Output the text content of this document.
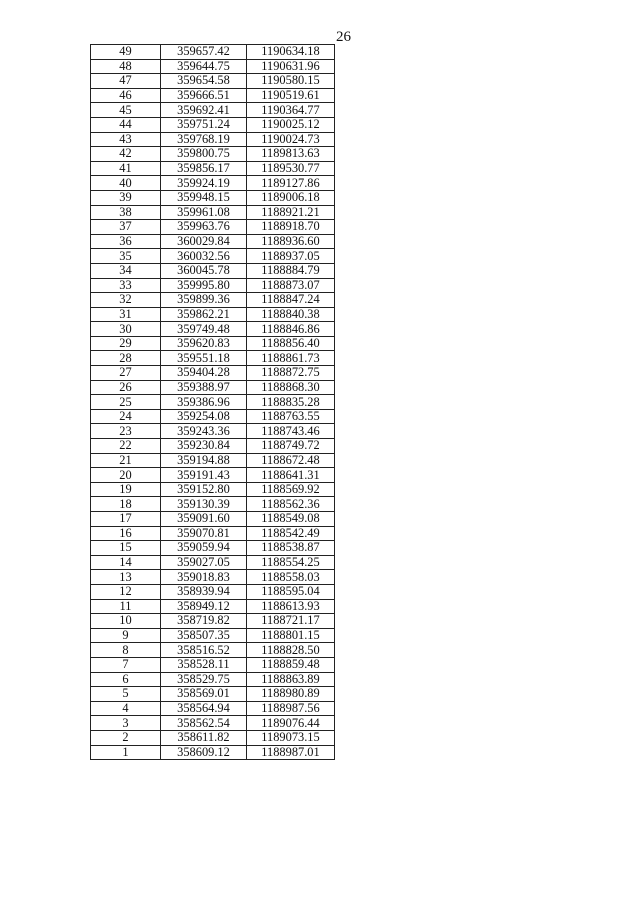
26
49	359657.42	1190634.18
48	359644.75	1190631.96
47	359654.58	1190580.15
46	359666.51	1190519.61
45	359692.41	1190364.77
44	359751.24	1190025.12
43	359768.19	1190024.73
42	359800.75	1189813.63
41	359856.17	1189530.77
40	359924.19	1189127.86
39	359948.15	1189006.18
38	359961.08	1188921.21
37	359963.76	1188918.70
36	360029.84	1188936.60
35	360032.56	1188937.05
34	360045.78	1188884.79
33	359995.80	1188873.07
32	359899.36	1188847.24
31	359862.21	1188840.38
30	359749.48	1188846.86
29	359620.83	1188856.40
28	359551.18	1188861.73
27	359404.28	1188872.75
26	359388.97	1188868.30
25	359386.96	1188835.28
24	359254.08	1188763.55
23	359243.36	1188743.46
22	359230.84	1188749.72
21	359194.88	1188672.48
20	359191.43	1188641.31
19	359152.80	1188569.92
18	359130.39	1188562.36
17	359091.60	1188549.08
16	359070.81	1188542.49
15	359059.94	1188538.87
14	359027.05	1188554.25
13	359018.83	1188558.03
12	358939.94	1188595.04
11	358949.12	1188613.93
10	358719.82	1188721.17
9	358507.35	1188801.15
8	358516.52	1188828.50
7	358528.11	1188859.48
6	358529.75	1188863.89
5	358569.01	1188980.89
4	358564.94	1188987.56
3	358562.54	1189076.44
2	358611.82	1189073.15
1	358609.12	1188987.01
